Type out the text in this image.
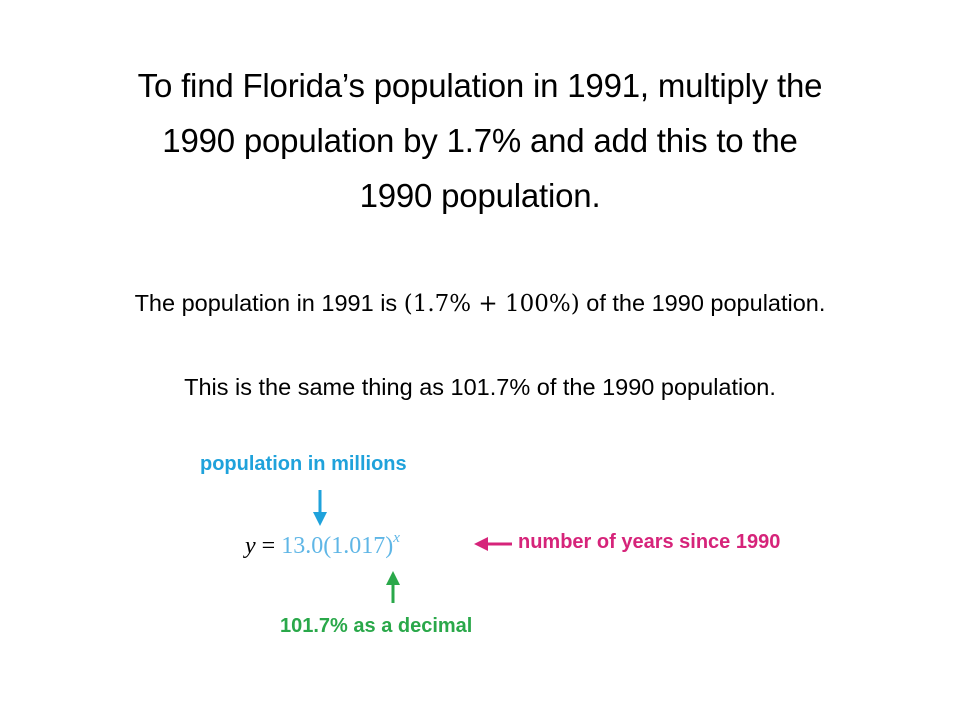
To find Florida’s population in 1991, multiply the
1990 population by 1.7% and add this to the
1990 population.
The population in 1991 is (1.7% + 100%) of the 1990 population.
This is the same thing as 101.7% of the 1990 population.
population in millions
$y = 13.0(1.017)^x$	number of years since 1990
101.7% as a decimal
